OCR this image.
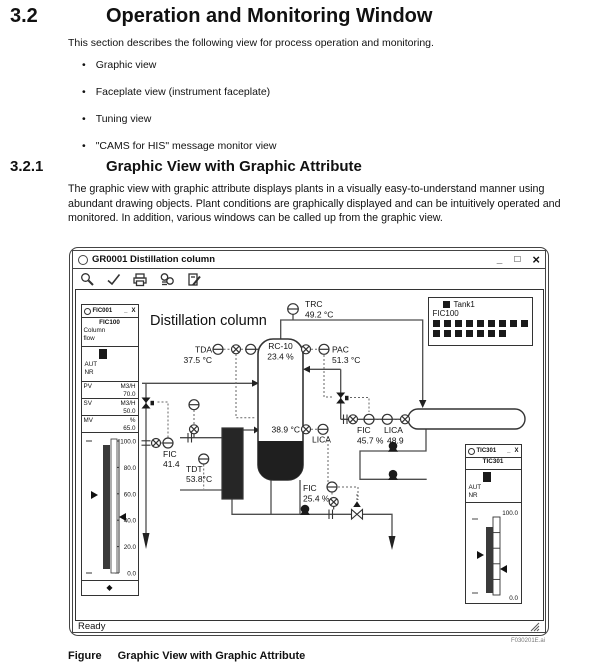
3.2	Operation and Monitoring Window
This section describes the following view for process operation and monitoring.
• Graphic view
• Faceplate view (instrument faceplate)
• Tuning view
• "CAMS for HIS" message monitor view
3.2.1	Graphic View with Graphic Attribute
The graphic view with graphic attribute displays plants in a visually easy-to-understand manner using abundant drawing objects. Plant conditions are graphically displayed and can be intuitively operated and monitored. In addition, various windows can be called up from the graphic view.
GR0001 Distillation column	_ □ ×
Distillation column
TRC
49.2 °C
TDA
37.5 °C
RC-10
23.4 %
PAC
51.3 °C
38.9 °C
LICA
FIC
45.7 %
LICA
48.9
FIC
41.4 TDT
53.8°C
FIC
25.4 %
FIC001 _ X
FIC100
Column
flow
AUT
NR
PV	M3/H
70.0
SV	M3/H
50.0
MV	%
65.0
100.0
80.0
60.0
40.0
20.0
0.0
◆
Tank1
FIC100
TIC301 _ X
TIC301
AUT
NR
100.0
0.0
Ready
F030201E.ai
Figure Graphic View with Graphic Attribute
